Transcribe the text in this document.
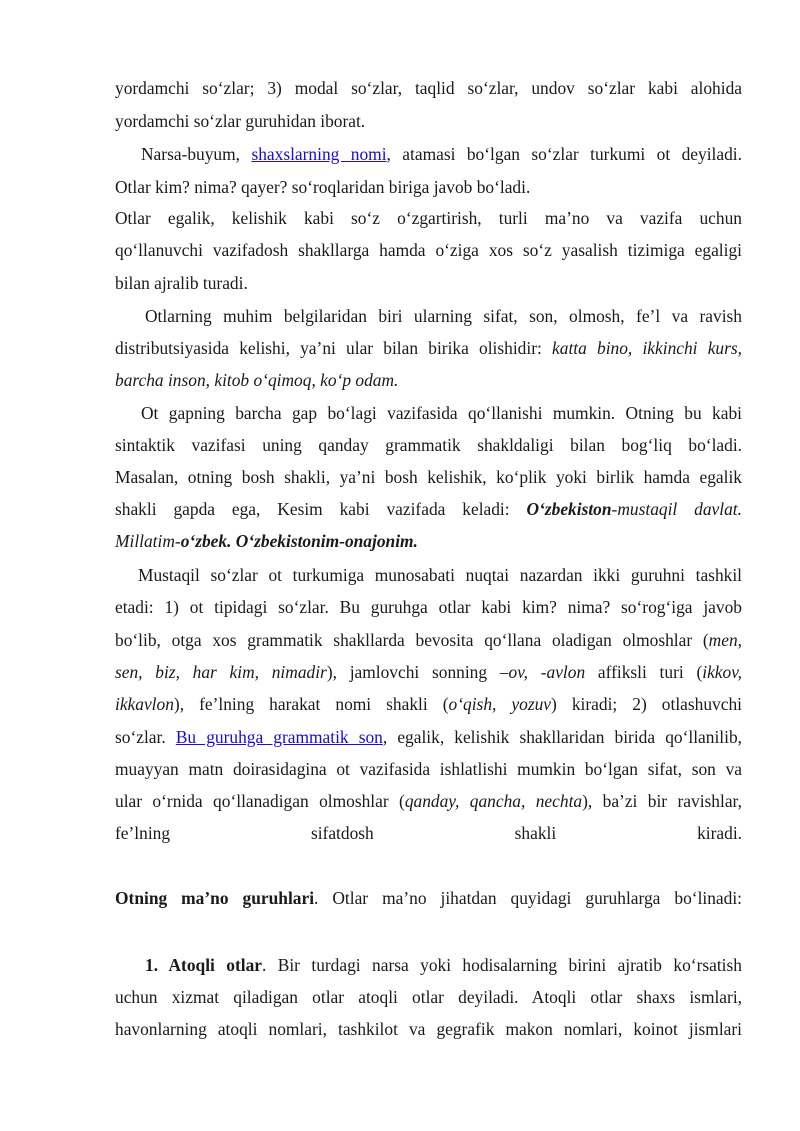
yordamchi so‘zlar; 3) modal so‘zlar, taqlid so‘zlar, undov so‘zlar kabi alohida
yordamchi so‘zlar guruhidan iborat.
Narsa-buyum, shaxslarning nomi, atamasi bo‘lgan so‘zlar turkumi ot deyiladi.
Otlar kim? nima? qayer? so‘roqlaridan biriga javob bo‘ladi.
Otlar egalik, kelishik kabi so‘z o‘zgartirish, turli ma’no va vazifa uchun
qo‘llanuvchi vazifadosh shakllarga hamda o‘ziga xos so‘z yasalish tizimiga egaligi
bilan ajralib turadi.
Otlarning muhim belgilaridan biri ularning sifat, son, olmosh, fe’l va ravish
distributsiyasida kelishi, ya’ni ular bilan birika olishidir: katta bino, ikkinchi kurs,
barcha inson, kitob o‘qimoq, ko‘p odam.
Ot gapning barcha gap bo‘lagi vazifasida qo‘llanishi mumkin. Otning bu kabi
sintaktik vazifasi uning qanday grammatik shakldaligi bilan bog‘liq bo‘ladi.
Masalan, otning bosh shakli, ya’ni bosh kelishik, ko‘plik yoki birlik hamda egalik
shakli gapda ega, Kesim kabi vazifada keladi: O‘zbekiston-mustaqil davlat.
Millatim-o‘zbek. O‘zbekistonim-onajonim.
Mustaqil so‘zlar ot turkumiga munosabati nuqtai nazardan ikki guruhni tashkil
etadi: 1) ot tipidagi so‘zlar. Bu guruhga otlar kabi kim? nima? so‘rog‘iga javob
bo‘lib, otga xos grammatik shakllarda bevosita qo‘llana oladigan olmoshlar (men,
sen, biz, har kim, nimadir), jamlovchi sonning –ov, -avlon affiksli turi (ikkov,
ikkavlon), fe’lning harakat nomi shakli (o‘qish, yozuv) kiradi; 2) otlashuvchi
so‘zlar. Bu guruhga grammatik son, egalik, kelishik shakllaridan birida qo‘llanilib,
muayyan matn doirasidagina ot vazifasida ishlatlishi mumkin bo‘lgan sifat, son va
ular o‘rnida qo‘llanadigan olmoshlar (qanday, qancha, nechta), ba’zi bir ravishlar,
fe’lning sifatdosh shakli kiradi.
Otning ma’no guruhlari. Otlar ma’no jihatdan quyidagi guruhlarga bo‘linadi:
1. Atoqli otlar. Bir turdagi narsa yoki hodisalarning birini ajratib ko‘rsatish
uchun xizmat qiladigan otlar atoqli otlar deyiladi. Atoqli otlar shaxs ismlari,
havonlarning atoqli nomlari, tashkilot va gegrafik makon nomlari, koinot jismlari
